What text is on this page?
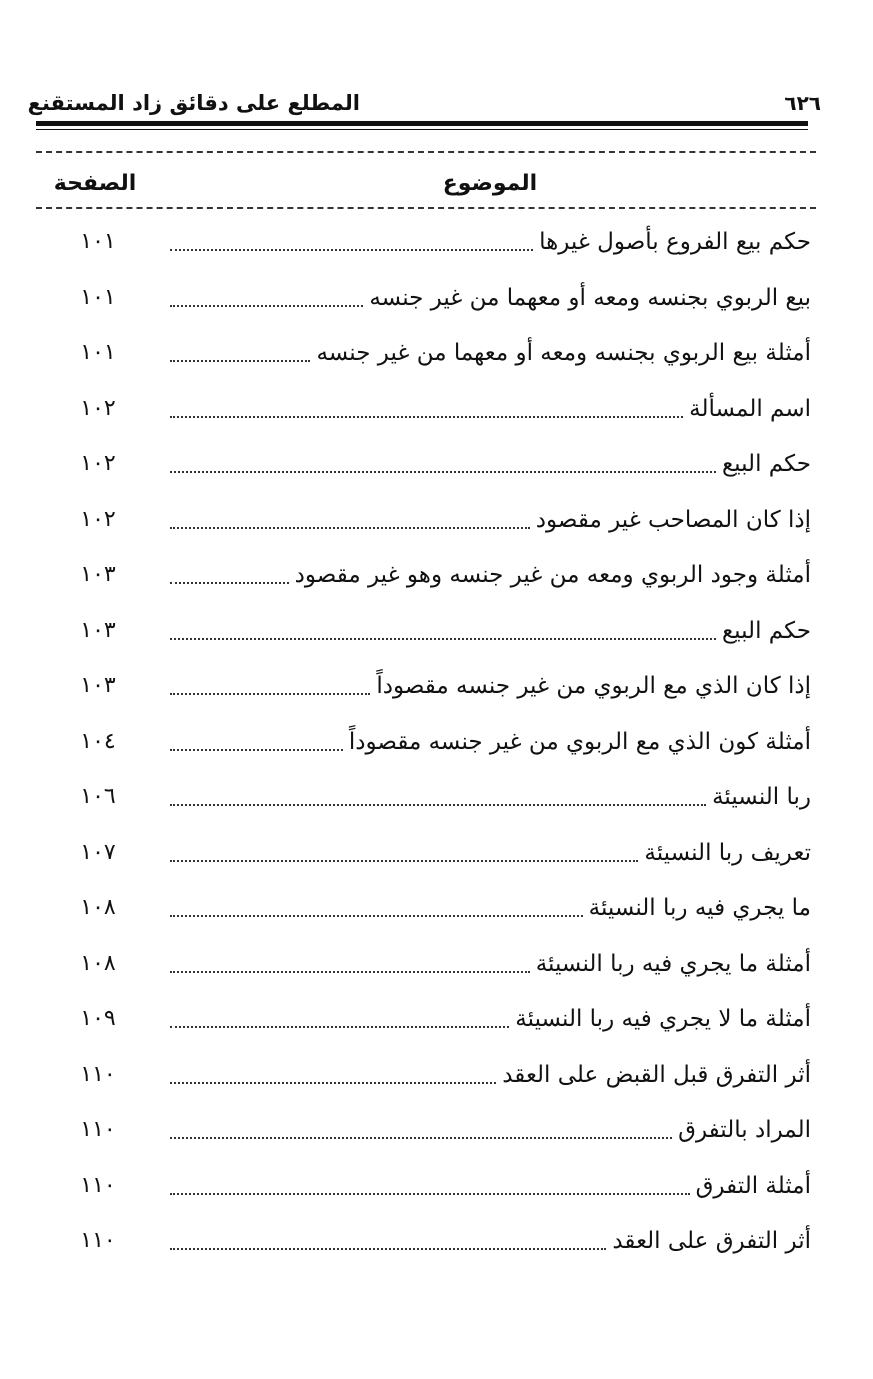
المطلع على دقائق زاد المستقنع	٦٢٦
الموضوع
الصفحة
حكم بيع الفروع بأصول غيرها
١٠١
بيع الربوي بجنسه ومعه أو معهما من غير جنسه
١٠١
أمثلة بيع الربوي بجنسه ومعه أو معهما من غير جنسه
١٠١
اسم المسألة
١٠٢
حكم البيع
١٠٢
إذا كان المصاحب غير مقصود
١٠٢
أمثلة وجود الربوي ومعه من غير جنسه وهو غير مقصود
١٠٣
حكم البيع
١٠٣
إذا كان الذي مع الربوي من غير جنسه مقصوداً
١٠٣
أمثلة كون الذي مع الربوي من غير جنسه مقصوداً
١٠٤
ربا النسيئة
١٠٦
تعريف ربا النسيئة
١٠٧
ما يجري فيه ربا النسيئة
١٠٨
أمثلة ما يجري فيه ربا النسيئة
١٠٨
أمثلة ما لا يجري فيه ربا النسيئة
١٠٩
أثر التفرق قبل القبض على العقد
١١٠
المراد بالتفرق
١١٠
أمثلة التفرق
١١٠
أثر التفرق على العقد
١١٠
